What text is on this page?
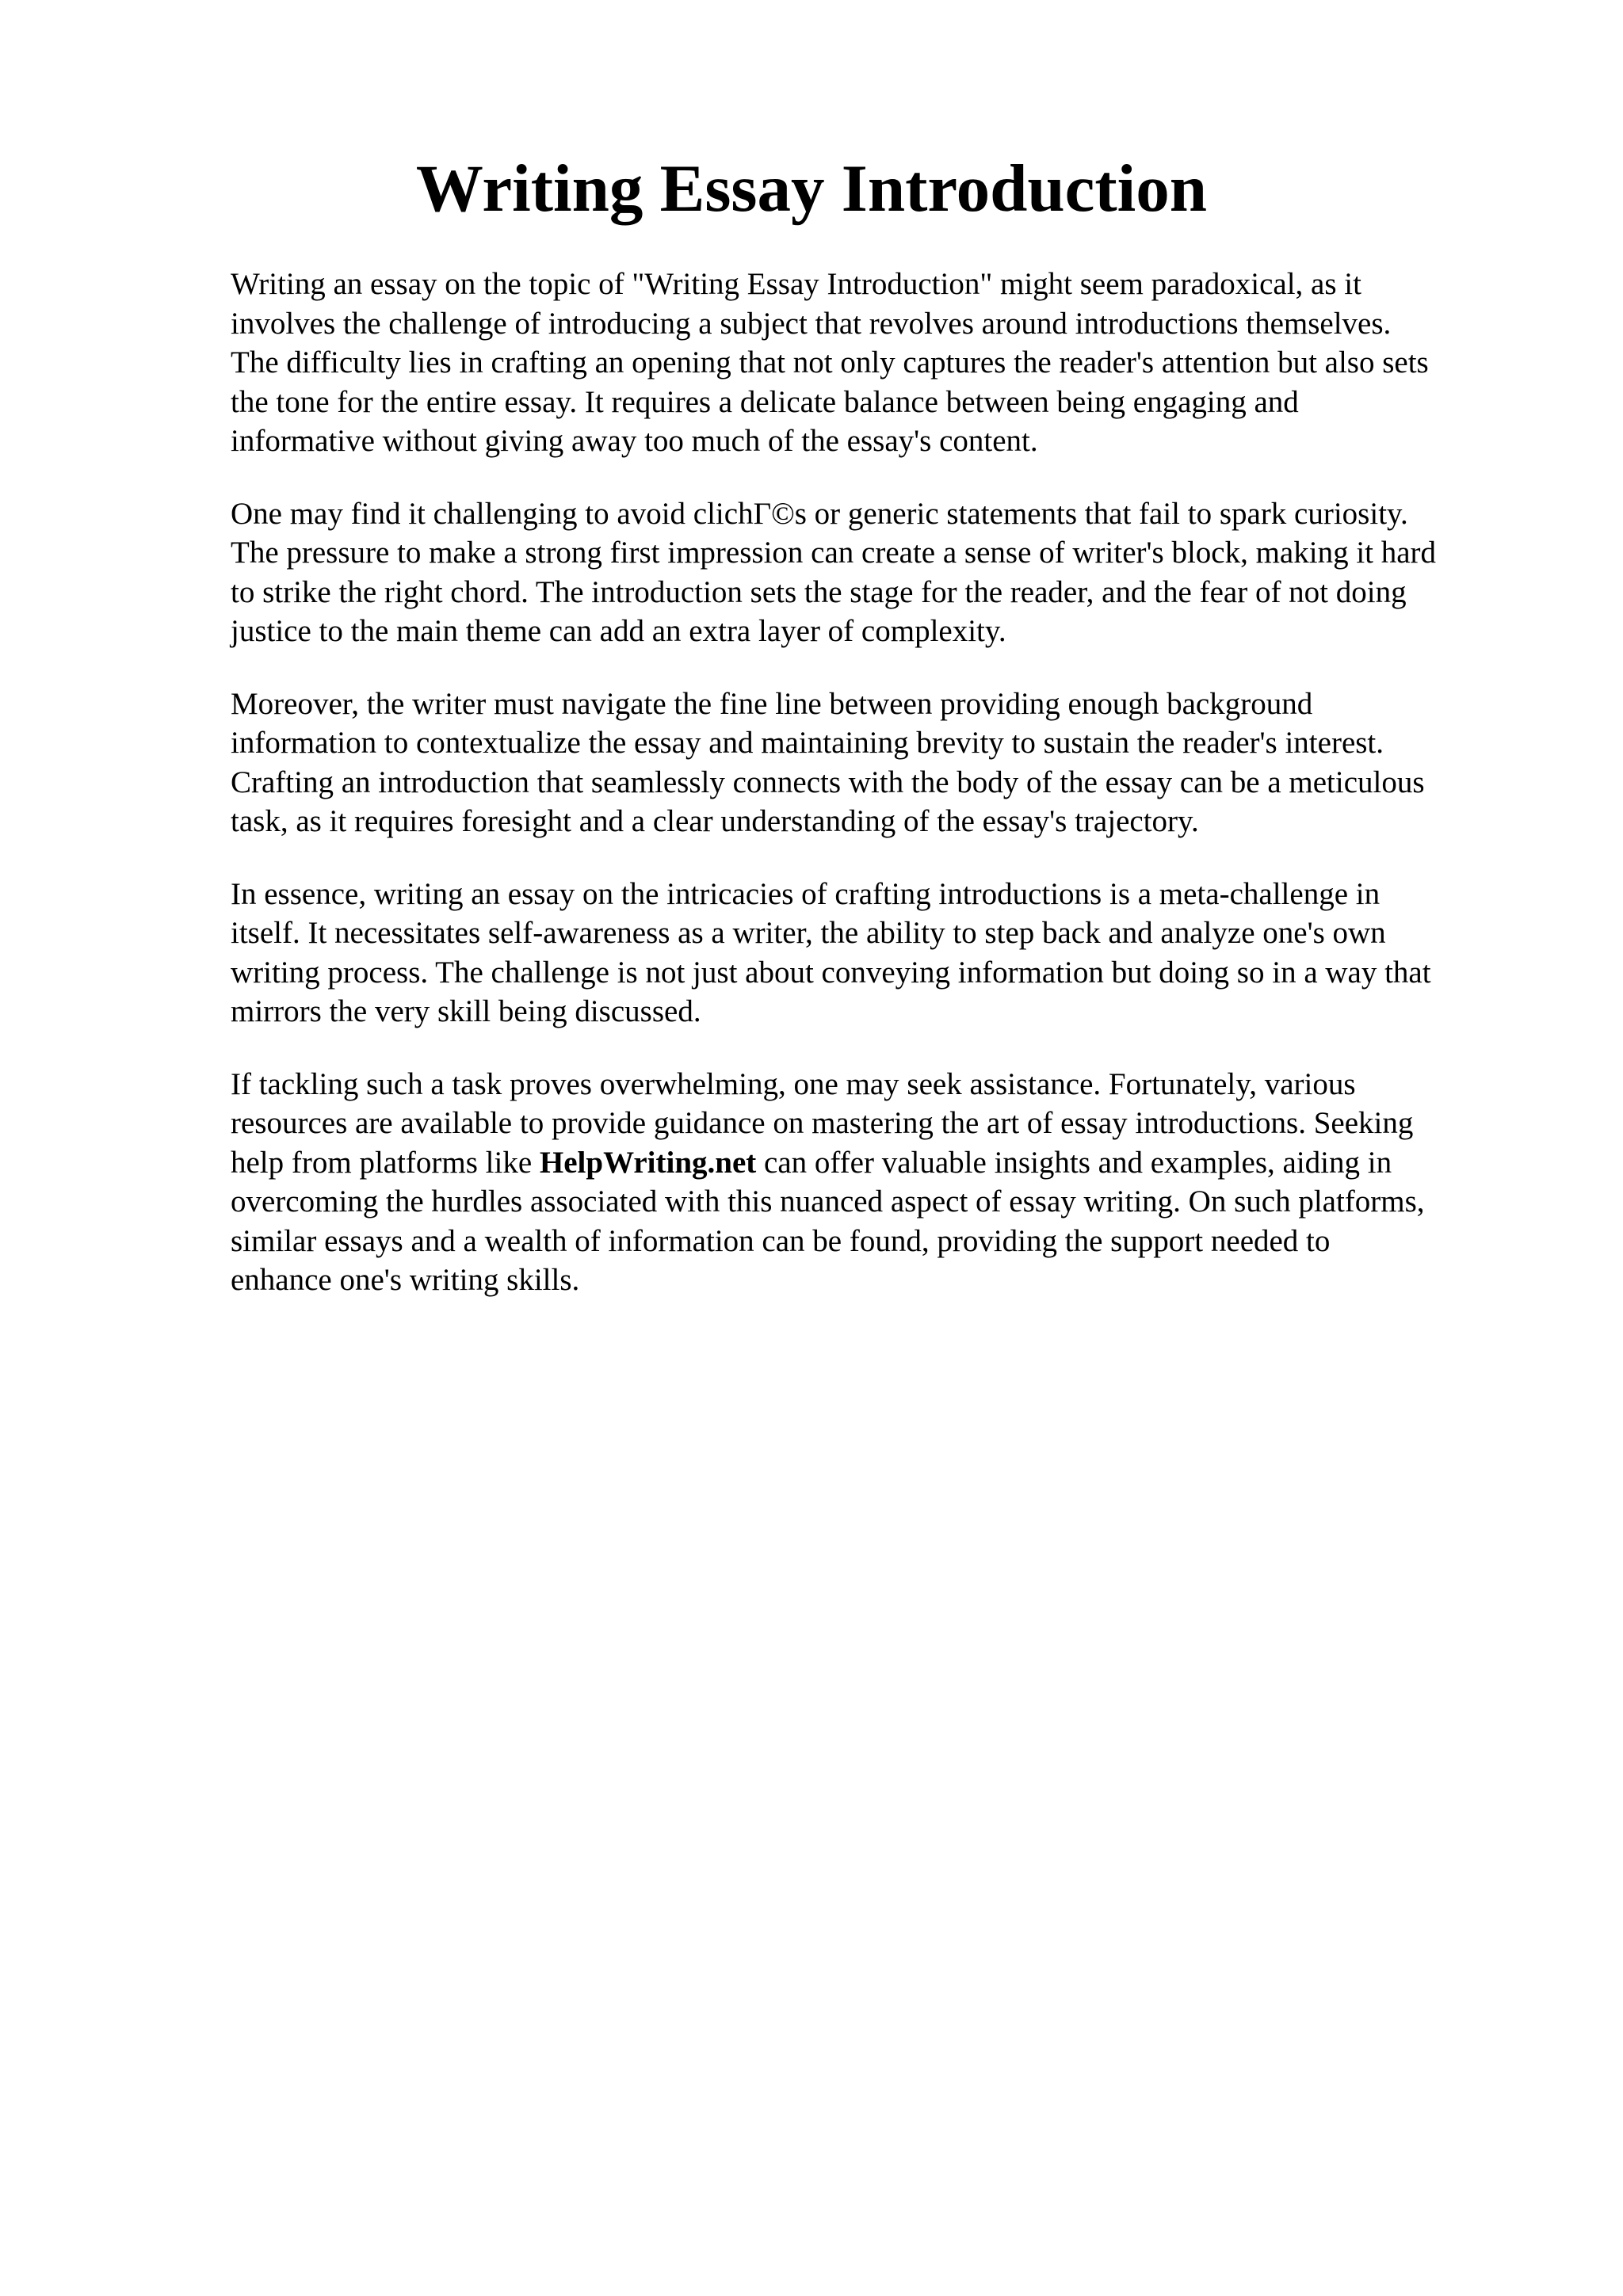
Writing Essay Introduction

Writing an essay on the topic of "Writing Essay Introduction" might seem paradoxical, as it
involves the challenge of introducing a subject that revolves around introductions themselves.
The difficulty lies in crafting an opening that not only captures the reader's attention but also sets
the tone for the entire essay. It requires a delicate balance between being engaging and
informative without giving away too much of the essay's content.

One may find it challenging to avoid clichΓ©s or generic statements that fail to spark curiosity.
The pressure to make a strong first impression can create a sense of writer's block, making it hard
to strike the right chord. The introduction sets the stage for the reader, and the fear of not doing
justice to the main theme can add an extra layer of complexity.

Moreover, the writer must navigate the fine line between providing enough background
information to contextualize the essay and maintaining brevity to sustain the reader's interest.
Crafting an introduction that seamlessly connects with the body of the essay can be a meticulous
task, as it requires foresight and a clear understanding of the essay's trajectory.

In essence, writing an essay on the intricacies of crafting introductions is a meta-challenge in
itself. It necessitates self-awareness as a writer, the ability to step back and analyze one's own
writing process. The challenge is not just about conveying information but doing so in a way that
mirrors the very skill being discussed.

If tackling such a task proves overwhelming, one may seek assistance. Fortunately, various
resources are available to provide guidance on mastering the art of essay introductions. Seeking
help from platforms like HelpWriting.net can offer valuable insights and examples, aiding in
overcoming the hurdles associated with this nuanced aspect of essay writing. On such platforms,
similar essays and a wealth of information can be found, providing the support needed to
enhance one's writing skills.
